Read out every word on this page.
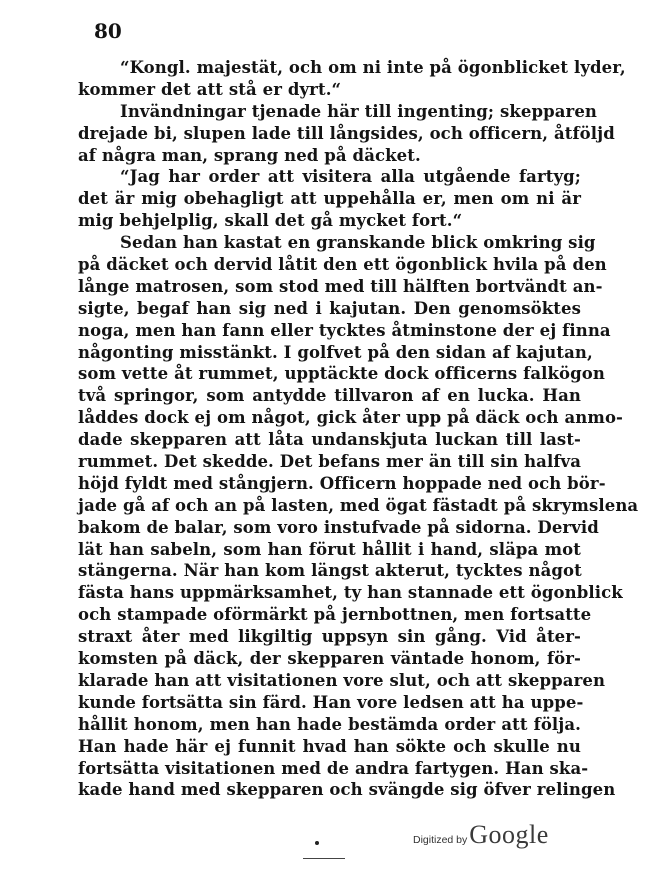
80
“Kongl. majestät, och om ni inte på ögonblicket lyder,
kommer det att stå er dyrt.“
Invändningar tjenade här till ingenting; skepparen
drejade bi, slupen lade till långsides, och officern, åtföljd
af några man, sprang ned på däcket.
“Jag har order att visitera alla utgående fartyg;
det är mig obehagligt att uppehålla er, men om ni är
mig behjelplig, skall det gå mycket fort.“
Sedan han kastat en granskande blick omkring sig
på däcket och dervid låtit den ett ögonblick hvila på den
långe matrosen, som stod med till hälften bortvändt an-
sigte, begaf han sig ned i kajutan. Den genomsöktes
noga, men han fann eller tycktes åtminstone der ej finna
någonting misstänkt. I golfvet på den sidan af kajutan,
som vette åt rummet, upptäckte dock officerns falkögon
två springor, som antydde tillvaron af en lucka. Han
låddes dock ej om något, gick åter upp på däck och anmo-
dade skepparen att låta undanskjuta luckan till last-
rummet. Det skedde. Det befans mer än till sin halfva
höjd fyldt med stångjern. Officern hoppade ned och bör-
jade gå af och an på lasten, med ögat fästadt på skrymslena
bakom de balar, som voro instufvade på sidorna. Dervid
lät han sabeln, som han förut hållit i hand, släpa mot
stängerna. När han kom längst akterut, tycktes något
fästa hans uppmärksamhet, ty han stannade ett ögonblick
och stampade oförmärkt på jernbottnen, men fortsatte
straxt åter med likgiltig uppsyn sin gång. Vid åter-
komsten på däck, der skepparen väntade honom, för-
klarade han att visitationen vore slut, och att skepparen
kunde fortsätta sin färd. Han vore ledsen att ha uppe-
hållit honom, men han hade bestämda order att följa.
Han hade här ej funnit hvad han sökte och skulle nu
fortsätta visitationen med de andra fartygen. Han ska-
kade hand med skepparen och svängde sig öfver relingen
Digitized by Google
